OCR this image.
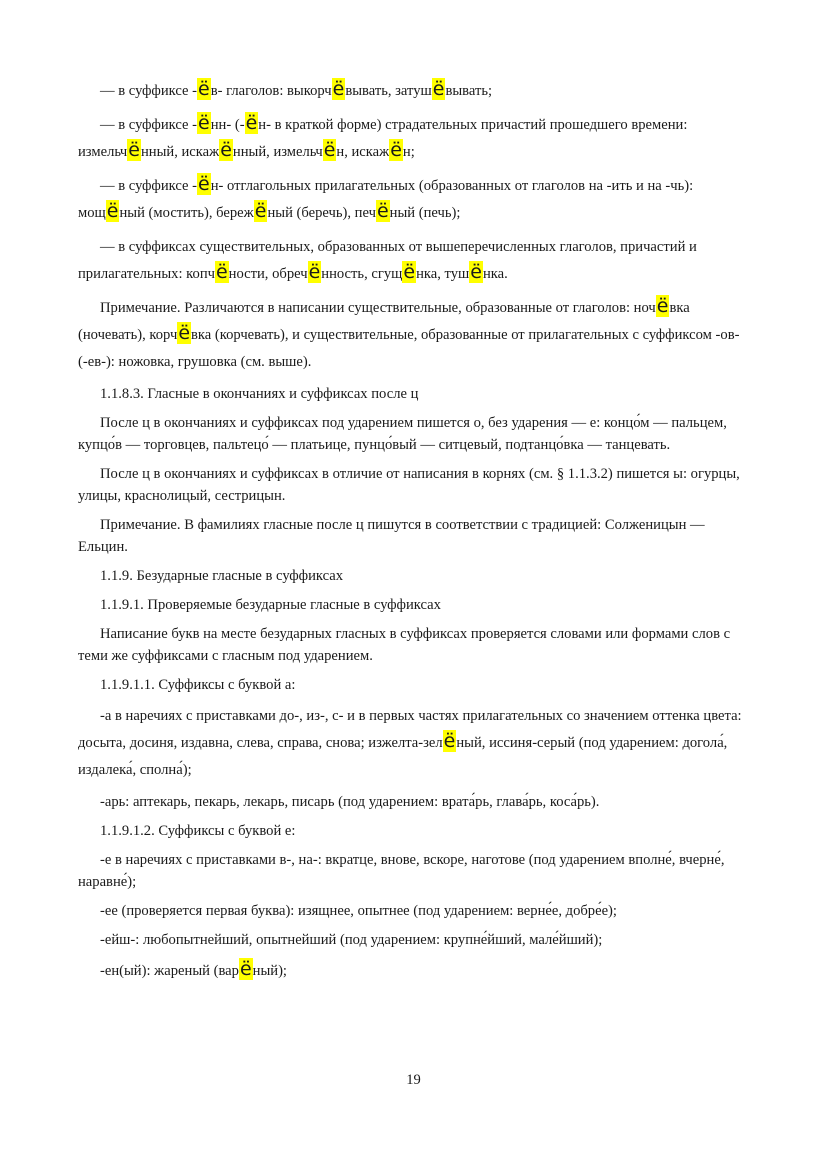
— в суффиксе -ёв- глаголов: выкорчёвывать, затушёвывать;

— в суффиксе -ённ- (-ён- в краткой форме) страдательных причастий прошедшего времени: измельчённый, искажённый, измельчён, искажён;

— в суффиксе -ён- отглагольных прилагательных (образованных от глаголов на -ить и на -чь): мощёный (мостить), бережёный (беречь), печёный (печь);

— в суффиксах существительных, образованных от вышеперечисленных глаголов, причастий и прилагательных: копчёности, обречённость, сгущёнка, тушёнка.

Примечание. Различаются в написании существительные, образованные от глаголов: ночёвка (ночевать), корчёвка (корчевать), и существительные, образованные от прилагательных с суффиксом -ов- (-ев-): ножовка, грушовка (см. выше).

1.1.8.3. Гласные в окончаниях и суффиксах после ц

После ц в окончаниях и суффиксах под ударением пишется о, без ударения — е: концо́м — пальцем, купцо́в — торговцев, пальтецо́ — платьице, пунцо́вый — ситцевый, подтанцо́вка — танцевать.

После ц в окончаниях и суффиксах в отличие от написания в корнях (см. § 1.1.3.2) пишется ы: огурцы, улицы, краснолицый, сестрицын.

Примечание. В фамилиях гласные после ц пишутся в соответствии с традицией: Солженицын — Ельцин.

1.1.9. Безударные гласные в суффиксах

1.1.9.1. Проверяемые безударные гласные в суффиксах

Написание букв на месте безударных гласных в суффиксах проверяется словами или формами слов с теми же суффиксами с гласным под ударением.

1.1.9.1.1. Суффиксы с буквой а:

-а в наречиях с приставками до-, из-, с- и в первых частях прилагательных со значением оттенка цвета: досыта, досиня, издавна, слева, справа, снова; изжелта-зелёный, иссиня-серый (под ударением: догола́, издалека́, сполна́);

-арь: аптекарь, пекарь, лекарь, писарь (под ударением: врата́рь, глава́рь, коса́рь).

1.1.9.1.2. Суффиксы с буквой е:

-е в наречиях с приставками в-, на-: вкратце, внове, вскоре, наготове (под ударением вполне́, вчерне́, наравне́);

-ее (проверяется первая буква): изящнее, опытнее (под ударением: верне́е, добре́е);

-ейш-: любопытнейший, опытнейший (под ударением: крупне́йший, мале́йший);

-ен(ый): жареный (варёный);

19
